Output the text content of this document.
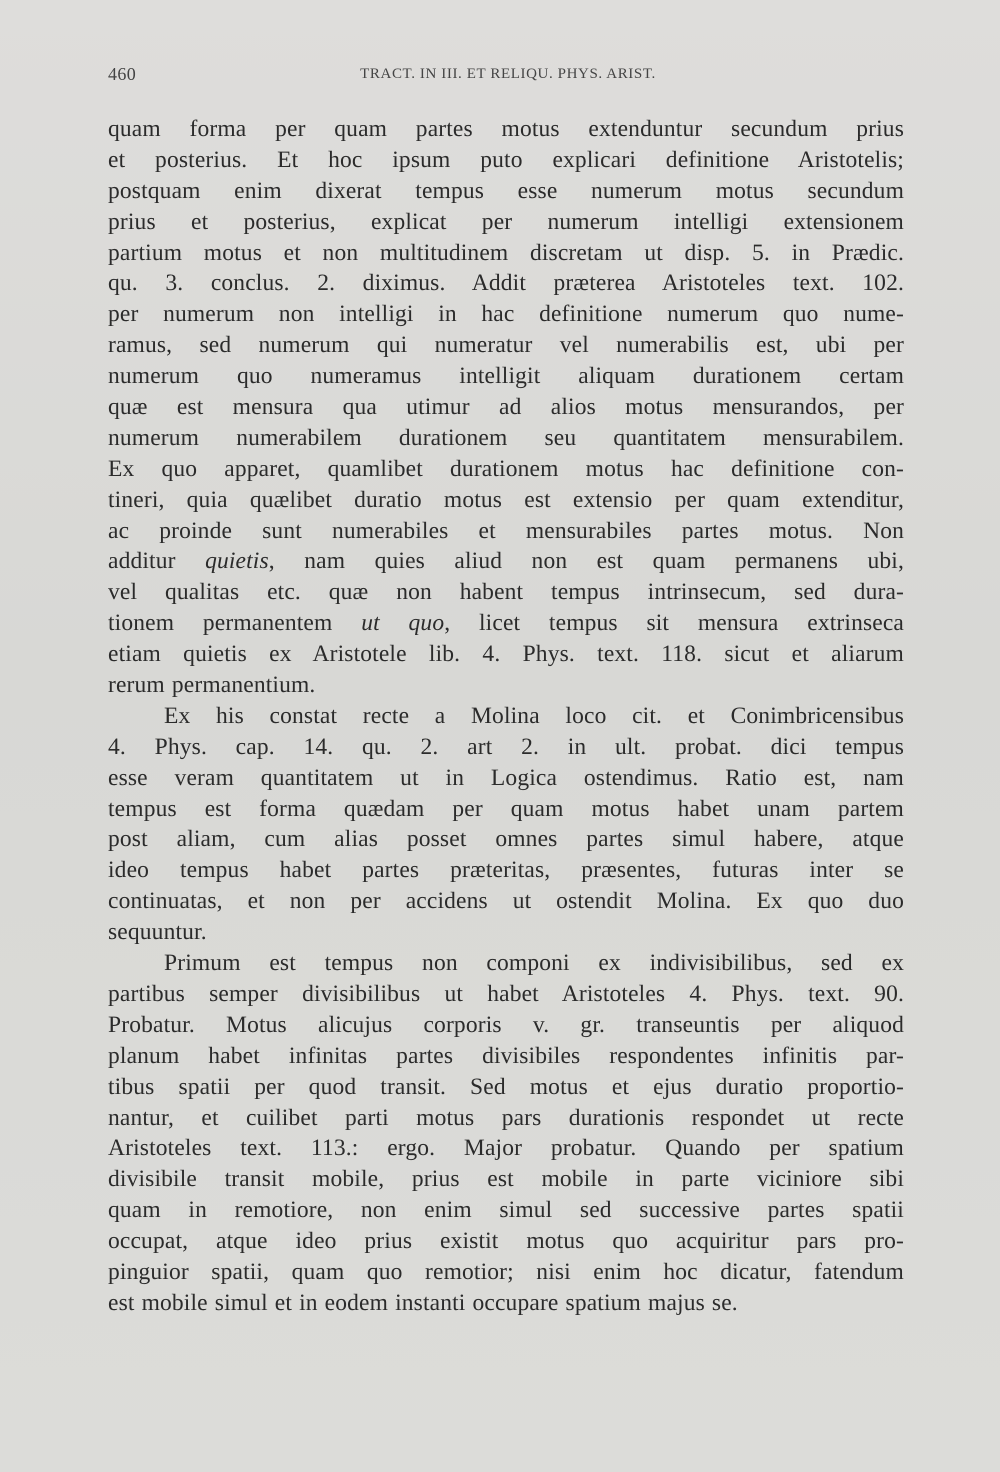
460	TRACT. IN III. ET RELIQU. PHYS. ARIST.

quam forma per quam partes motus extenduntur secundum prius
et posterius. Et hoc ipsum puto explicari definitione Aristotelis;
postquam enim dixerat tempus esse numerum motus secundum
prius et posterius, explicat per numerum intelligi extensionem
partium motus et non multitudinem discretam ut disp. 5. in Prædic.
qu. 3. conclus. 2. diximus. Addit præterea Aristoteles text. 102.
per numerum non intelligi in hac definitione numerum quo nume-
ramus, sed numerum qui numeratur vel numerabilis est, ubi per
numerum quo numeramus intelligit aliquam durationem certam
quæ est mensura qua utimur ad alios motus mensurandos, per
numerum numerabilem durationem seu quantitatem mensurabilem.
Ex quo apparet, quamlibet durationem motus hac definitione con-
tineri, quia quælibet duratio motus est extensio per quam extenditur,
ac proinde sunt numerabiles et mensurabiles partes motus. Non
additur quietis, nam quies aliud non est quam permanens ubi,
vel qualitas etc. quæ non habent tempus intrinsecum, sed dura-
tionem permanentem ut quo, licet tempus sit mensura extrinseca
etiam quietis ex Aristotele lib. 4. Phys. text. 118. sicut et aliarum
rerum permanentium.

Ex his constat recte a Molina loco cit. et Conimbricensibus
4. Phys. cap. 14. qu. 2. art 2. in ult. probat. dici tempus
esse veram quantitatem ut in Logica ostendimus. Ratio est, nam
tempus est forma quædam per quam motus habet unam partem
post aliam, cum alias posset omnes partes simul habere, atque
ideo tempus habet partes præteritas, præsentes, futuras inter se
continuatas, et non per accidens ut ostendit Molina. Ex quo duo
sequuntur.

Primum est tempus non componi ex indivisibilibus, sed ex
partibus semper divisibilibus ut habet Aristoteles 4. Phys. text. 90.
Probatur. Motus alicujus corporis v. gr. transeuntis per aliquod
planum habet infinitas partes divisibiles respondentes infinitis par-
tibus spatii per quod transit. Sed motus et ejus duratio proportio-
nantur, et cuilibet parti motus pars durationis respondet ut recte
Aristoteles text. 113.: ergo. Major probatur. Quando per spatium
divisibile transit mobile, prius est mobile in parte viciniore sibi
quam in remotiore, non enim simul sed successive partes spatii
occupat, atque ideo prius existit motus quo acquiritur pars pro-
pinguior spatii, quam quo remotior; nisi enim hoc dicatur, fatendum
est mobile simul et in eodem instanti occupare spatium majus se.
